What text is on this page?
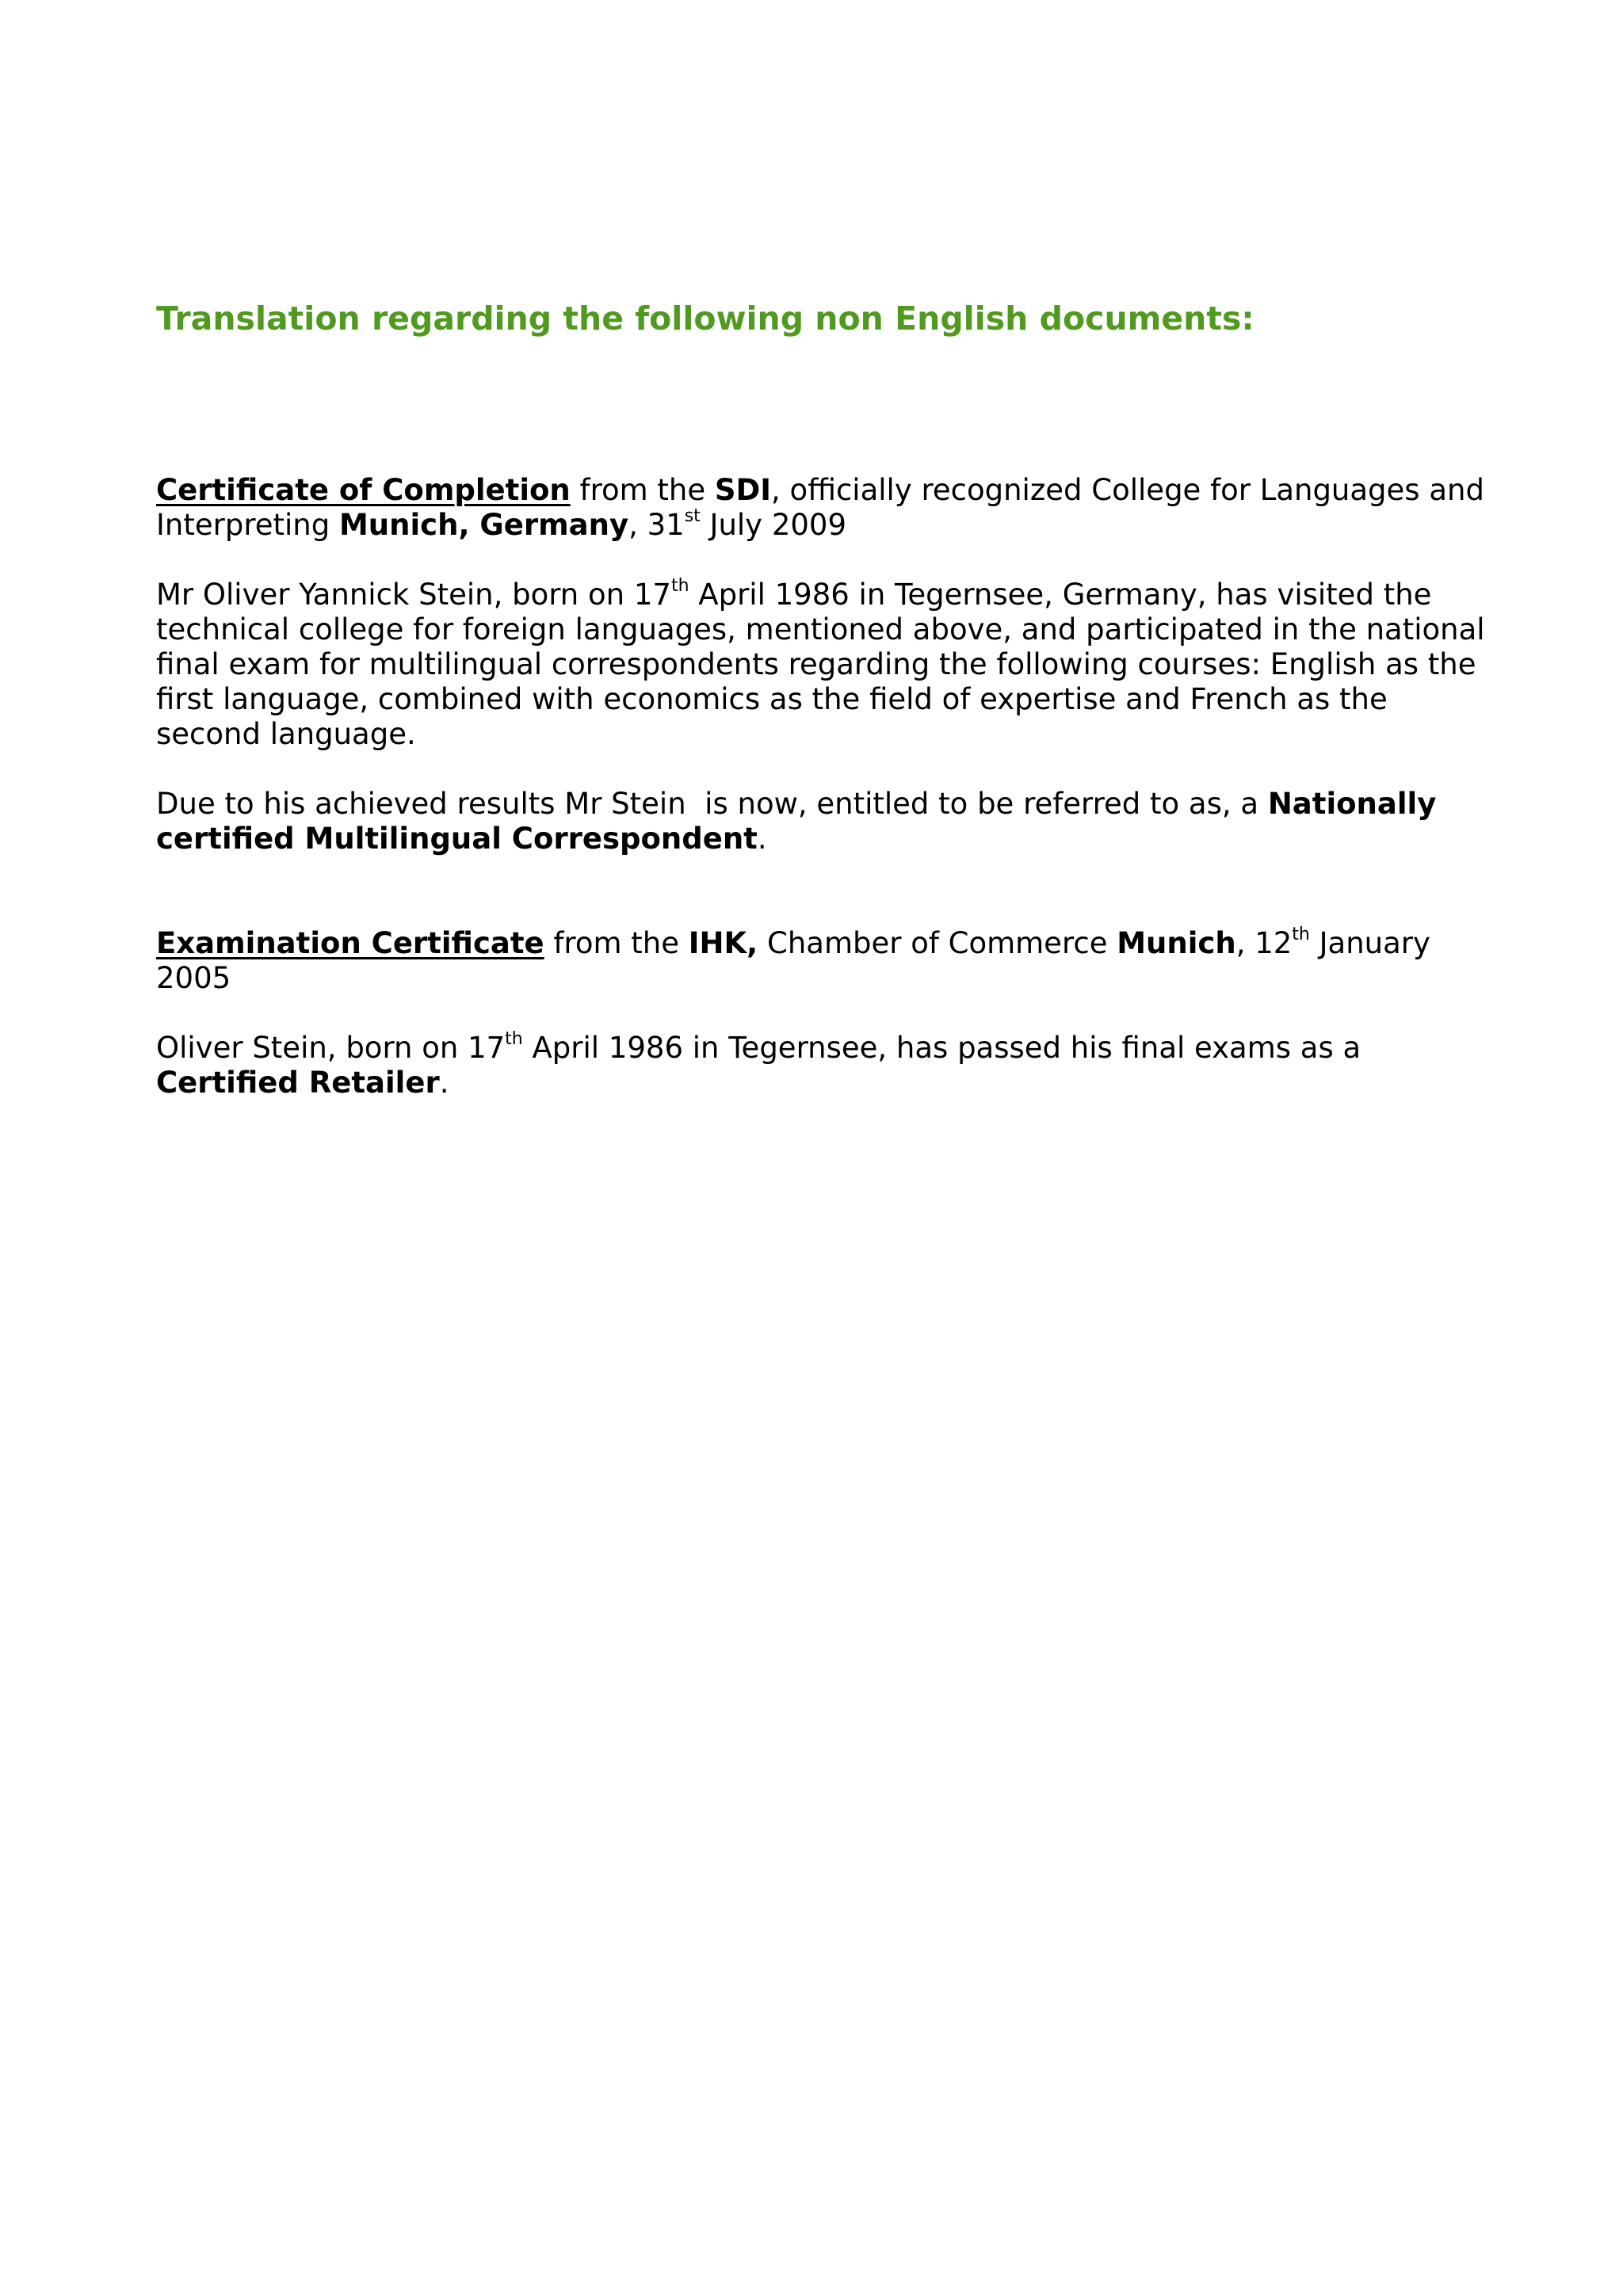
Translation regarding the following non English documents:

Certificate of Completion from the SDI, officially recognized College for Languages and

Interpreting Munich, Germany, 31st July 2009

Mr Oliver Yannick Stein, born on 17th April 1986 in Tegernsee, Germany, has visited the

technical college for foreign languages, mentioned above, and participated in the national

final exam for multilingual correspondents regarding the following courses: English as the

first language, combined with economics as the field of expertise and French as the

second language.

Due to his achieved results Mr Stein  is now, entitled to be referred to as, a Nationally

certified Multilingual Correspondent.

Examination Certificate from the IHK, Chamber of Commerce Munich, 12th January

2005

Oliver Stein, born on 17th April 1986 in Tegernsee, has passed his final exams as a

Certified Retailer.
